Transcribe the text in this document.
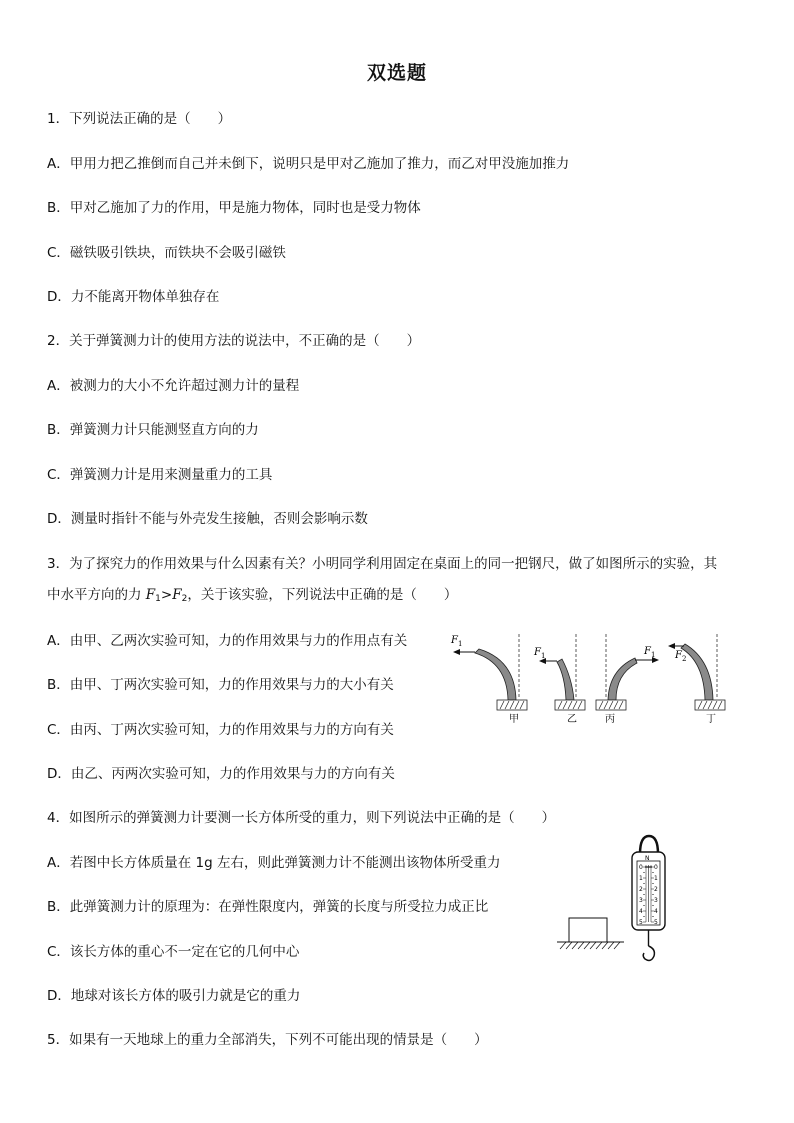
双选题
1．下列说法正确的是（　　）
A．甲用力把乙推倒而自己并未倒下，说明只是甲对乙施加了推力，而乙对甲没施加推力
B．甲对乙施加了力的作用，甲是施力物体，同时也是受力物体
C．磁铁吸引铁块，而铁块不会吸引磁铁
D．力不能离开物体单独存在
2．关于弹簧测力计的使用方法的说法中，不正确的是（　　）
A．被测力的大小不允许超过测力计的量程
B．弹簧测力计只能测竖直方向的力
C．弹簧测力计是用来测量重力的工具
D．测量时指针不能与外壳发生接触，否则会影响示数
3．为了探究力的作用效果与什么因素有关？小明同学利用固定在桌面上的同一把钢尺，做了如图所示的实验，其
中水平方向的力 $F_1>F_2$，关于该实验，下列说法中正确的是（　　）
A．由甲、乙两次实验可知，力的作用效果与力的作用点有关
B．由甲、丁两次实验可知，力的作用效果与力的大小有关
C．由丙、丁两次实验可知，力的作用效果与力的方向有关
D．由乙、丙两次实验可知，力的作用效果与力的方向有关
F 1
甲
F 1
乙
F 1
丙
F 2
丁
4．如图所示的弹簧测力计要测一长方体所受的重力，则下列说法中正确的是（　　）
A．若图中长方体质量在 1g 左右，则此弹簧测力计不能测出该物体所受重力
B．此弹簧测力计的原理为：在弹性限度内，弹簧的长度与所受拉力成正比
C．该长方体的重心不一定在它的几何中心
D．地球对该长方体的吸引力就是它的重力
N
0
1
2
3
4
5
0
1
2
3
4
5
5．如果有一天地球上的重力全部消失，下列不可能出现的情景是（　　）
